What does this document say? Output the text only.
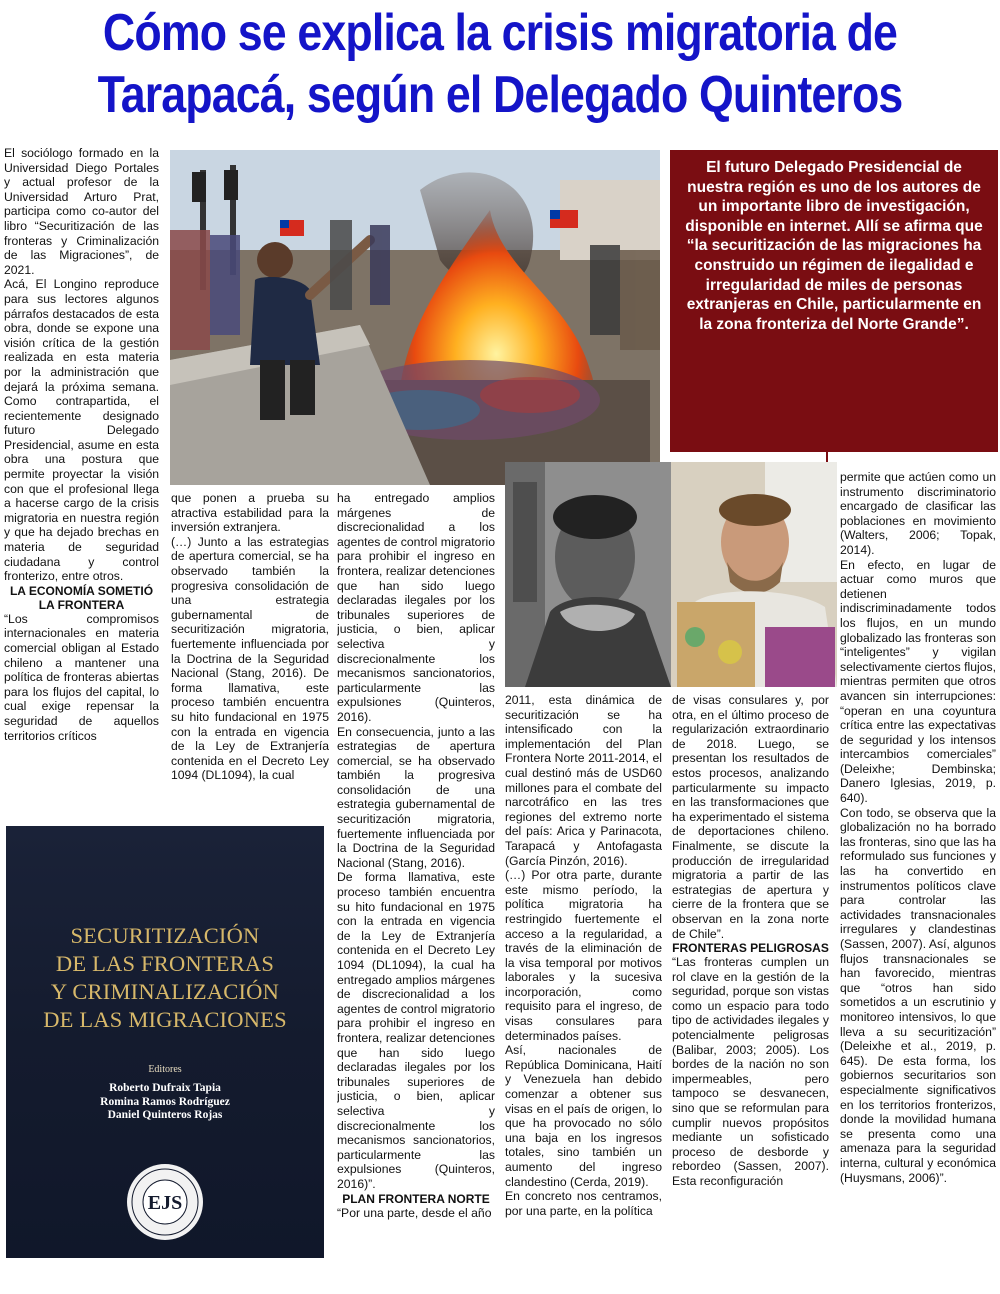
Cómo se explica la crisis migratoria de
Tarapacá, según el Delegado Quinteros

El sociólogo formado en la Universidad Diego Portales y actual profesor de la Universidad Arturo Prat, participa como co-autor del libro “Securitización de las fronteras y Criminalización de las Migraciones”, de 2021.

Acá, El Longino reproduce para sus lectores algunos párrafos destacados de esta obra, donde se expone una visión crítica de la gestión realizada en esta materia por la administración que dejará la próxima semana. Como contrapartida, el recientemente designado futuro Delegado Presidencial, asume en esta obra una postura que permite proyectar la visión con que el profesional llega a hacerse cargo de la crisis migratoria en nuestra región y que ha dejado brechas en materia de seguridad ciudadana y control fronterizo, entre otros.

LA ECONOMÍA SOMETIÓ LA FRONTERA

“Los compromisos internacionales en materia comercial obligan al Estado chileno a mantener una política de fronteras abiertas para los flujos del capital, lo cual exige repensar la seguridad de aquellos territorios críticos

El futuro Delegado Presidencial de nuestra región es uno de los autores de un importante libro de investigación, disponible en internet. Allí se afirma que “la securitización de las migraciones ha construido un régimen de ilegalidad e irregularidad de miles de personas extranjeras en Chile, particularmente en la zona fronteriza del Norte Grande”.

que ponen a prueba su atractiva estabilidad para la inversión extranjera.

(…) Junto a las estrategias de apertura comercial, se ha observado también la progresiva consolidación de una estrategia gubernamental de securitización migratoria, fuertemente influenciada por la Doctrina de la Seguridad Nacional (Stang, 2016). De forma llamativa, este proceso también encuentra su hito fundacional en 1975 con la entrada en vigencia de la Ley de Extranjería contenida en el Decreto Ley 1094 (DL1094), la cual

ha entregado amplios márgenes de discrecionalidad a los agentes de control migratorio para prohibir el ingreso en frontera, realizar detenciones que han sido luego declaradas ilegales por los tribunales superiores de justicia, o bien, aplicar selectiva y discrecionalmente los mecanismos sancionatorios, particularmente las expulsiones (Quinteros, 2016).

En consecuencia, junto a las estrategias de apertura comercial, se ha observado también la progresiva consolidación de una estrategia gubernamental de securitización migratoria, fuertemente influenciada por la Doctrina de la Seguridad Nacional (Stang, 2016).

De forma llamativa, este proceso también encuentra su hito fundacional en 1975 con la entrada en vigencia de la Ley de Extranjería contenida en el Decreto Ley 1094 (DL1094), la cual ha entregado amplios márgenes de discrecionalidad a los agentes de control migratorio para prohibir el ingreso en frontera, realizar detenciones que han sido luego declaradas ilegales por los tribunales superiores de justicia, o bien, aplicar selectiva y discrecionalmente los mecanismos sancionatorios, particularmente las expulsiones (Quinteros, 2016)”.

PLAN FRONTERA NORTE

“Por una parte, desde el año

2011, esta dinámica de securitización se ha intensificado con la implementación del Plan Frontera Norte 2011-2014, el cual destinó más de USD60 millones para el combate del narcotráfico en las tres regiones del extremo norte del país: Arica y Parinacota, Tarapacá y Antofagasta (García Pinzón, 2016).

(…) Por otra parte, durante este mismo período, la política migratoria ha restringido fuertemente el acceso a la regularidad, a través de la eliminación de la visa temporal por motivos laborales y la sucesiva incorporación, como requisito para el ingreso, de visas consulares para determinados países.

Así, nacionales de República Dominicana, Haití y Venezuela han debido comenzar a obtener sus visas en el país de origen, lo que ha provocado no sólo una baja en los ingresos totales, sino también un aumento del ingreso clandestino (Cerda, 2019).

En concreto nos centramos, por una parte, en la política

de visas consulares y, por otra, en el último proceso de regularización extraordinario de 2018. Luego, se presentan los resultados de estos procesos, analizando particularmente su impacto en las transformaciones que ha experimentado el sistema de deportaciones chileno. Finalmente, se discute la producción de irregularidad migratoria a partir de las estrategias de apertura y cierre de la frontera que se observan en la zona norte de Chile”.

FRONTERAS PELIGROSAS

“Las fronteras cumplen un rol clave en la gestión de la seguridad, porque son vistas como un espacio para todo tipo de actividades ilegales y potencialmente peligrosas (Balibar, 2003; 2005). Los bordes de la nación no son impermeables, pero tampoco se desvanecen, sino que se reformulan para cumplir nuevos propósitos mediante un sofisticado proceso de desborde y rebordeo (Sassen, 2007). Esta reconfiguración

permite que actúen como un instrumento discriminatorio encargado de clasificar las poblaciones en movimiento (Walters, 2006; Topak, 2014).

En efecto, en lugar de actuar como muros que detienen indiscriminadamente todos los flujos, en un mundo globalizado las fronteras son “inteligentes” y vigilan selectivamente ciertos flujos, mientras permiten que otros avancen sin interrupciones: “operan en una coyuntura crítica entre las expectativas de seguridad y los intensos intercambios comerciales” (Deleixhe; Dembinska; Danero Iglesias, 2019, p. 640).

Con todo, se observa que la globalización no ha borrado las fronteras, sino que las ha reformulado sus funciones y las ha convertido en instrumentos políticos clave para controlar las actividades transnacionales irregulares y clandestinas (Sassen, 2007). Así, algunos flujos transnacionales se han favorecido, mientras que “otros han sido sometidos a un escrutinio y monitoreo intensivos, lo que lleva a su securitización” (Deleixhe et al., 2019, p. 645). De esta forma, los gobiernos securitarios son especialmente significativos en los territorios fronterizos, donde la movilidad humana se presenta como una amenaza para la seguridad interna, cultural y económica (Huysmans, 2006)”.

SECURITIZACIÓN
DE LAS FRONTERAS
Y CRIMINALIZACIÓN
DE LAS MIGRACIONES
Editores
Roberto Dufraix Tapia
Romina Ramos Rodríguez
Daniel Quinteros Rojas
EJS
